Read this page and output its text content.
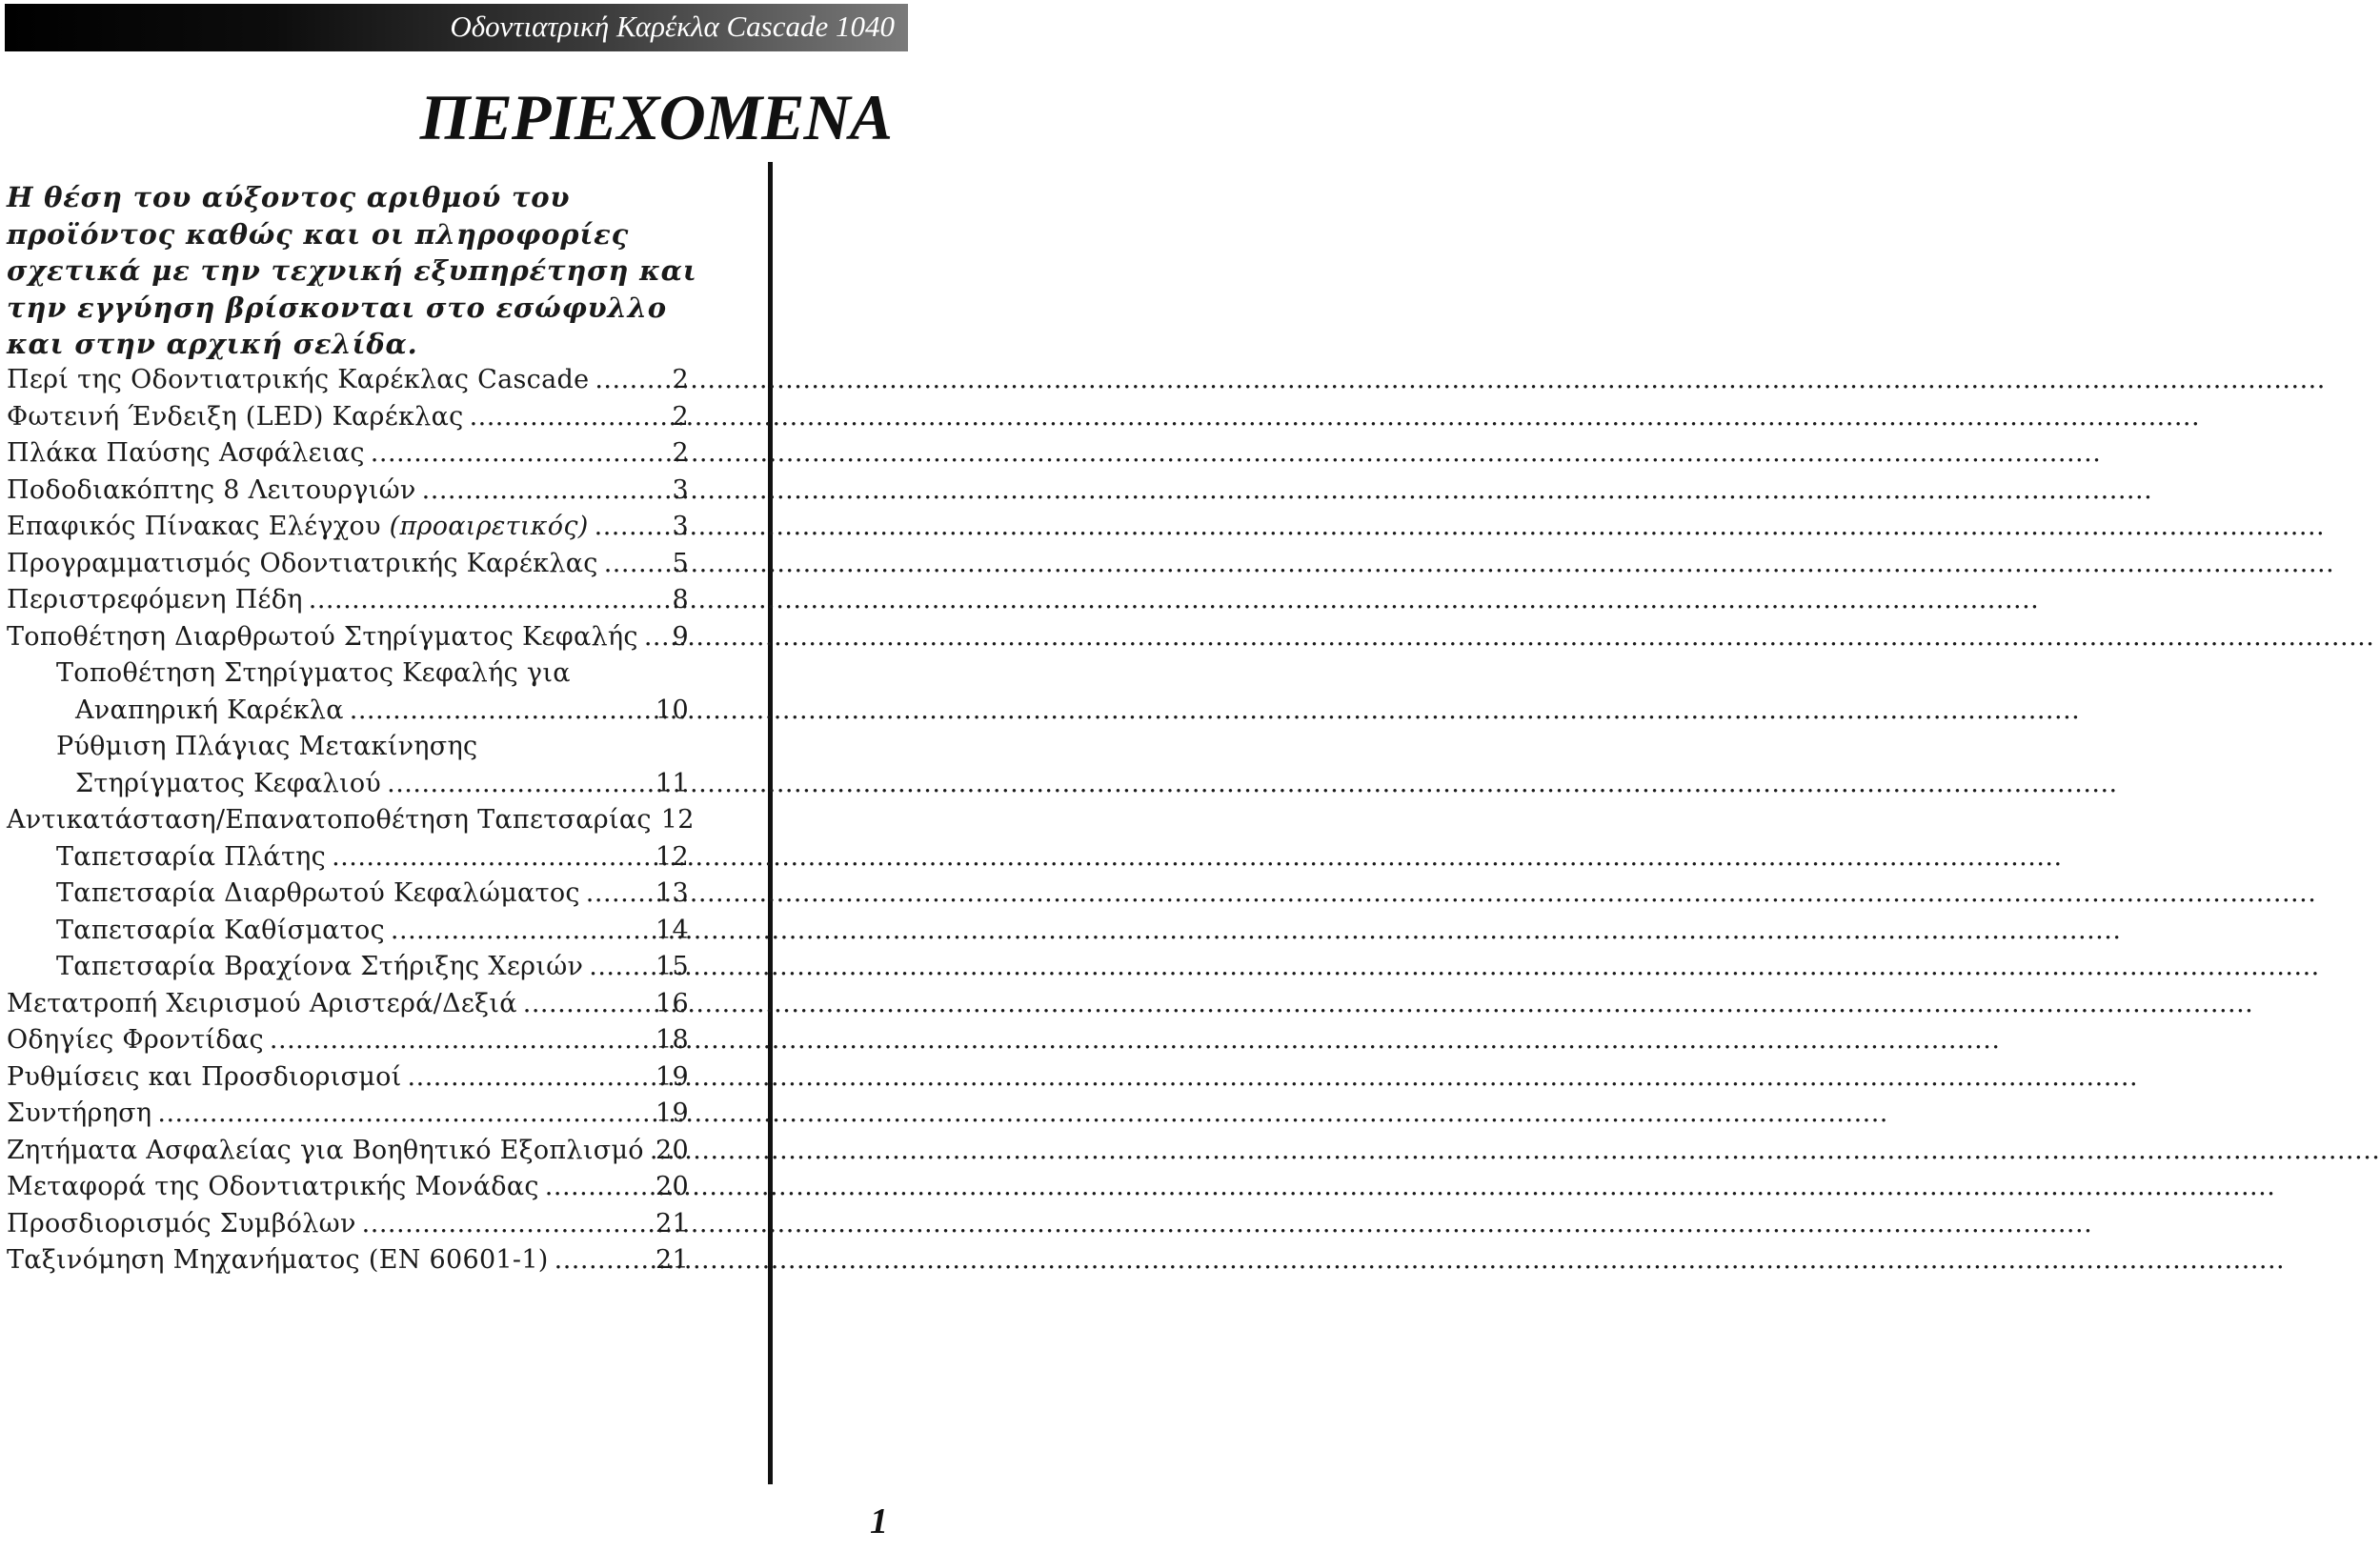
Οδοντιατρική Καρέκλα Cascade 1040
ΠΕΡΙΕΧΟΜΕΝΑ

Η θέση του αύξοντος αριθμού του προϊόντος καθώς και οι πληροφορίες σχετικά με την τεχνική εξυπηρέτηση και την εγγύηση βρίσκονται στο εσώφυλλο και στην αρχική σελίδα.

Περί της Οδοντιατρικής Καρέκλας Cascade .....	2
Φωτεινή Ένδειξη (LED) Καρέκλας .....	2
Πλάκα Παύσης Ασφάλειας .....	2
Ποδοδιακόπτης 8 Λειτουργιών .....	3
Επαφικός Πίνακας Ελέγχου (προαιρετικός) .....	3
Προγραμματισμός Οδοντιατρικής Καρέκλας .....	5
Περιστρεφόμενη Πέδη .....	8
Τοποθέτηση Διαρθρωτού Στηρίγματος Κεφαλής .....	9
Τοποθέτηση Στηρίγματος Κεφαλής για
Αναπηρική Καρέκλα .....	10
Ρύθμιση Πλάγιας Μετακίνησης
Στηρίγματος Κεφαλιού .....	11
Αντικατάσταση/Επανατοποθέτηση Ταπετσαρίας 12
Ταπετσαρία Πλάτης .....	12
Ταπετσαρία Διαρθρωτού Κεφαλώματος .....	13
Ταπετσαρία Καθίσματος .....	14
Ταπετσαρία Βραχίονα Στήριξης Χεριών .....	15
Μετατροπή Χειρισμού Αριστερά/Δεξιά .....	16
Οδηγίες Φροντίδας .....	18
Ρυθμίσεις και Προσδιορισμοί .....	19
Συντήρηση .....	19
Ζητήματα Ασφαλείας για Βοηθητικό Εξοπλισμό ..... 20
Μεταφορά της Οδοντιατρικής Μονάδας .....	20
Προσδιορισμός Συμβόλων .....	21
Ταξινόμηση Μηχανήματος (EN 60601-1) .....	21
1
